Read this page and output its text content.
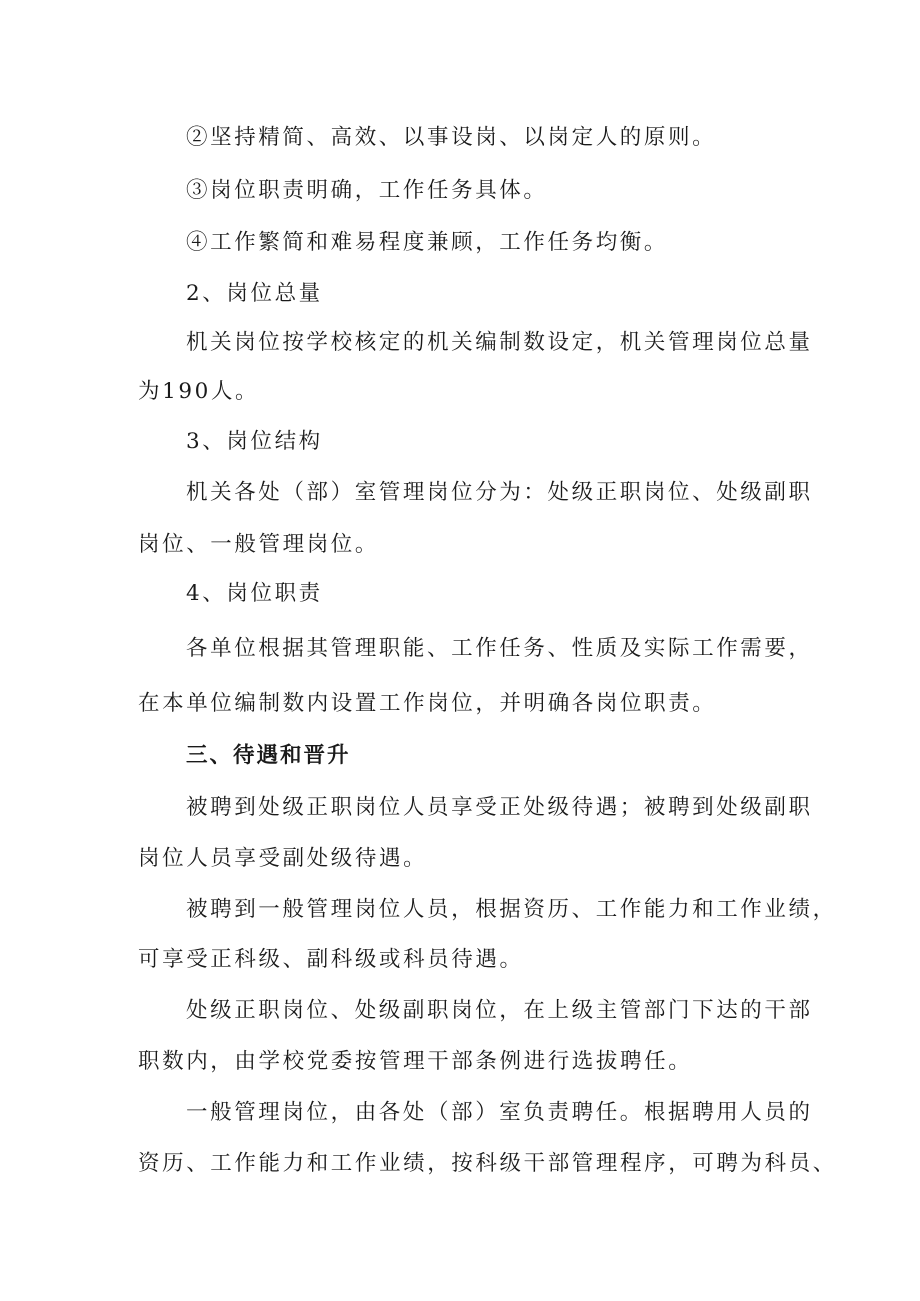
②坚持精简、高效、以事设岗、以岗定人的原则。
③岗位职责明确，工作任务具体。
④工作繁简和难易程度兼顾，工作任务均衡。
2、岗位总量
机关岗位按学校核定的机关编制数设定，机关管理岗位总量
为190人。
3、岗位结构
机关各处（部）室管理岗位分为：处级正职岗位、处级副职
岗位、一般管理岗位。
4、岗位职责
各单位根据其管理职能、工作任务、性质及实际工作需要，
在本单位编制数内设置工作岗位，并明确各岗位职责。
三、待遇和晋升
被聘到处级正职岗位人员享受正处级待遇；被聘到处级副职
岗位人员享受副处级待遇。
被聘到一般管理岗位人员，根据资历、工作能力和工作业绩，
可享受正科级、副科级或科员待遇。
处级正职岗位、处级副职岗位，在上级主管部门下达的干部
职数内，由学校党委按管理干部条例进行选拔聘任。
一般管理岗位，由各处（部）室负责聘任。根据聘用人员的
资历、工作能力和工作业绩，按科级干部管理程序，可聘为科员、
